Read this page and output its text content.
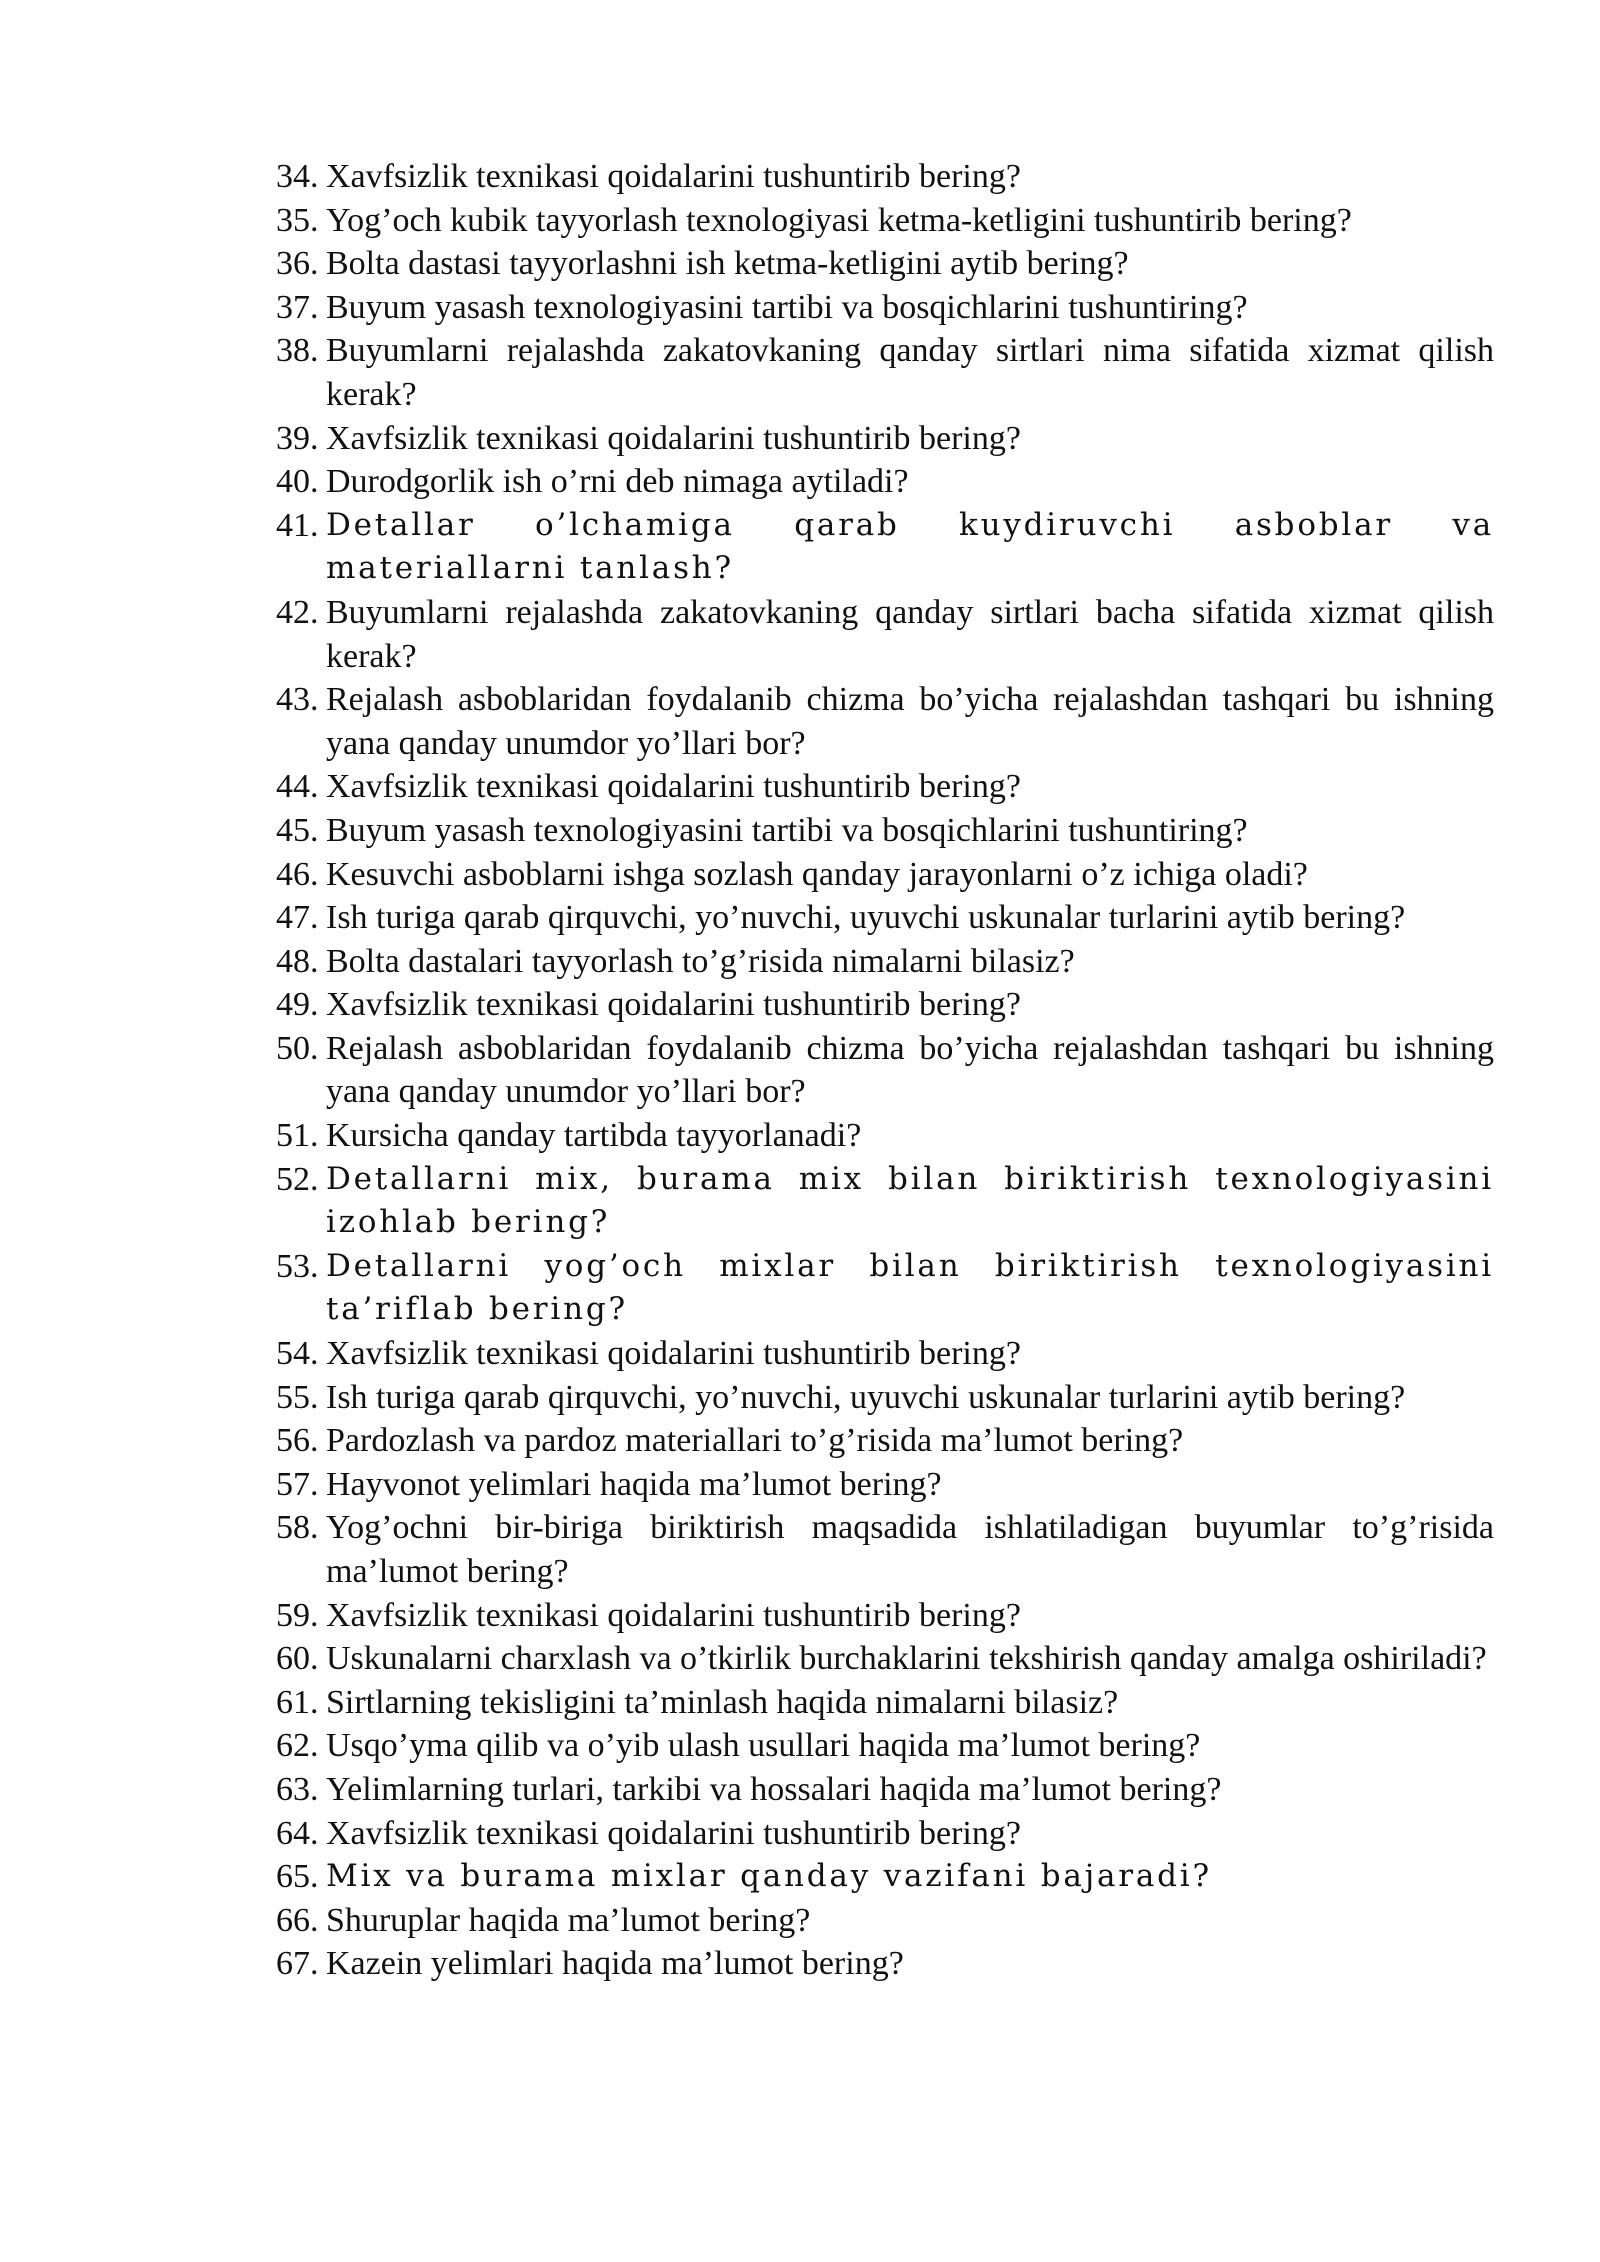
34. Xavfsizlik texnikasi qoidalarini tushuntirib bering?
35. Yog’och kubik tayyorlash texnologiyasi ketma-ketligini tushuntirib bering?
36. Bolta dastasi tayyorlashni ish ketma-ketligini aytib bering?
37. Buyum yasash texnologiyasini tartibi va bosqichlarini tushuntiring?
38. Buyumlarni rejalashda zakatovkaning qanday sirtlari nima sifatida xizmat qilish kerak?
39. Xavfsizlik texnikasi qoidalarini tushuntirib bering?
40. Durodgorlik ish o’rni deb nimaga aytiladi?
41. Detallar o’lchamiga qarab kuydiruvchi asboblar va materiallarni tanlash?
42. Buyumlarni rejalashda zakatovkaning qanday sirtlari bacha sifatida xizmat qilish kerak?
43. Rejalash asboblaridan foydalanib chizma bo’yicha rejalashdan tashqari bu ishning yana qanday unumdor yo’llari bor?
44. Xavfsizlik texnikasi qoidalarini tushuntirib bering?
45. Buyum yasash texnologiyasini tartibi va bosqichlarini tushuntiring?
46. Kesuvchi asboblarni ishga sozlash qanday jarayonlarni o’z ichiga oladi?
47. Ish turiga qarab qirquvchi, yo’nuvchi, uyuvchi uskunalar turlarini aytib bering?
48. Bolta dastalari tayyorlash to’g’risida nimalarni bilasiz?
49. Xavfsizlik texnikasi qoidalarini tushuntirib bering?
50. Rejalash asboblaridan foydalanib chizma bo’yicha rejalashdan tashqari bu ishning yana qanday unumdor yo’llari bor?
51. Kursicha qanday tartibda tayyorlanadi?
52. Detallarni mix, burama mix bilan biriktirish texnologiyasini izohlab bering?
53. Detallarni yog’och mixlar bilan biriktirish texnologiyasini ta’riflab bering?
54. Xavfsizlik texnikasi qoidalarini tushuntirib bering?
55. Ish turiga qarab qirquvchi, yo’nuvchi, uyuvchi uskunalar turlarini aytib bering?
56. Pardozlash va pardoz materiallari to’g’risida ma’lumot bering?
57. Hayvonot yelimlari haqida ma’lumot bering?
58. Yog’ochni bir-biriga biriktirish maqsadida ishlatiladigan buyumlar to’g’risida ma’lumot bering?
59. Xavfsizlik texnikasi qoidalarini tushuntirib bering?
60. Uskunalarni charxlash va o’tkirlik burchaklarini tekshirish qanday amalga oshiriladi?
61. Sirtlarning tekisligini ta’minlash haqida nimalarni bilasiz?
62. Usqo’yma qilib va o’yib ulash usullari haqida ma’lumot bering?
63. Yelimlarning turlari, tarkibi va hossalari haqida ma’lumot bering?
64. Xavfsizlik texnikasi qoidalarini tushuntirib bering?
65. Mix va burama mixlar qanday vazifani bajaradi?
66. Shuruplar haqida ma’lumot bering?
67. Kazein yelimlari haqida ma’lumot bering?
